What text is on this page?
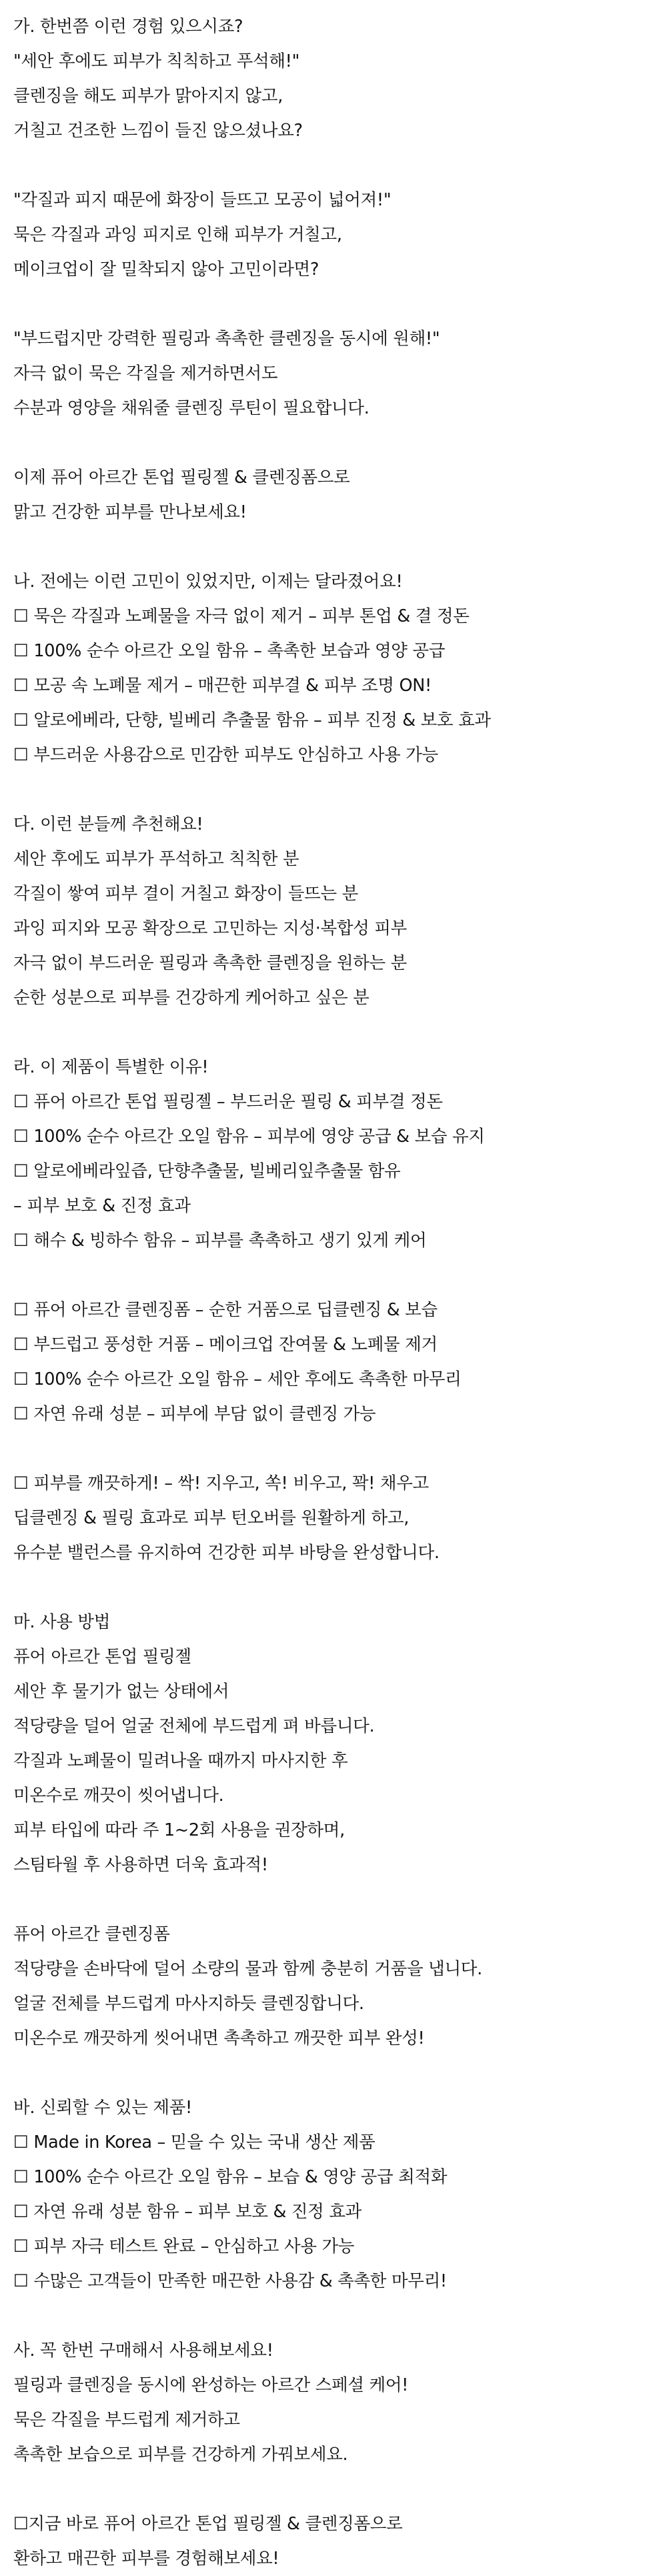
가. 한번쯤 이런 경험 있으시죠?
"세안 후에도 피부가 칙칙하고 푸석해!"
클렌징을 해도 피부가 맑아지지 않고,
거칠고 건조한 느낌이 들진 않으셨나요?
"각질과 피지 때문에 화장이 들뜨고 모공이 넓어져!"
묵은 각질과 과잉 피지로 인해 피부가 거칠고,
메이크업이 잘 밀착되지 않아 고민이라면?
"부드럽지만 강력한 필링과 촉촉한 클렌징을 동시에 원해!"
자극 없이 묵은 각질을 제거하면서도
수분과 영양을 채워줄 클렌징 루틴이 필요합니다.
이제 퓨어 아르간 톤업 필링젤 & 클렌징폼으로
맑고 건강한 피부를 만나보세요!
나. 전에는 이런 고민이 있었지만, 이제는 달라졌어요!
☐ 묵은 각질과 노폐물을 자극 없이 제거 – 피부 톤업 & 결 정돈
☐ 100% 순수 아르간 오일 함유 – 촉촉한 보습과 영양 공급
☐ 모공 속 노폐물 제거 – 매끈한 피부결 & 피부 조명 ON!
☐ 알로에베라, 단향, 빌베리 추출물 함유 – 피부 진정 & 보호 효과
☐ 부드러운 사용감으로 민감한 피부도 안심하고 사용 가능
다. 이런 분들께 추천해요!
세안 후에도 피부가 푸석하고 칙칙한 분
각질이 쌓여 피부 결이 거칠고 화장이 들뜨는 분
과잉 피지와 모공 확장으로 고민하는 지성·복합성 피부
자극 없이 부드러운 필링과 촉촉한 클렌징을 원하는 분
순한 성분으로 피부를 건강하게 케어하고 싶은 분
라. 이 제품이 특별한 이유!
☐ 퓨어 아르간 톤업 필링젤 – 부드러운 필링 & 피부결 정돈
☐ 100% 순수 아르간 오일 함유 – 피부에 영양 공급 & 보습 유지
☐ 알로에베라잎즙, 단향추출물, 빌베리잎추출물 함유
– 피부 보호 & 진정 효과
☐ 해수 & 빙하수 함유 – 피부를 촉촉하고 생기 있게 케어
☐ 퓨어 아르간 클렌징폼 – 순한 거품으로 딥클렌징 & 보습
☐ 부드럽고 풍성한 거품 – 메이크업 잔여물 & 노폐물 제거
☐ 100% 순수 아르간 오일 함유 – 세안 후에도 촉촉한 마무리
☐ 자연 유래 성분 – 피부에 부담 없이 클렌징 가능
☐ 피부를 깨끗하게! – 싹! 지우고, 쏙! 비우고, 꽉! 채우고
딥클렌징 & 필링 효과로 피부 턴오버를 원활하게 하고,
유수분 밸런스를 유지하여 건강한 피부 바탕을 완성합니다.
마. 사용 방법
퓨어 아르간 톤업 필링젤
세안 후 물기가 없는 상태에서
적당량을 덜어 얼굴 전체에 부드럽게 펴 바릅니다.
각질과 노폐물이 밀려나올 때까지 마사지한 후
미온수로 깨끗이 씻어냅니다.
피부 타입에 따라 주 1~2회 사용을 권장하며,
스팀타월 후 사용하면 더욱 효과적!
퓨어 아르간 클렌징폼
적당량을 손바닥에 덜어 소량의 물과 함께 충분히 거품을 냅니다.
얼굴 전체를 부드럽게 마사지하듯 클렌징합니다.
미온수로 깨끗하게 씻어내면 촉촉하고 깨끗한 피부 완성!
바. 신뢰할 수 있는 제품!
☐ Made in Korea – 믿을 수 있는 국내 생산 제품
☐ 100% 순수 아르간 오일 함유 – 보습 & 영양 공급 최적화
☐ 자연 유래 성분 함유 – 피부 보호 & 진정 효과
☐ 피부 자극 테스트 완료 – 안심하고 사용 가능
☐ 수많은 고객들이 만족한 매끈한 사용감 & 촉촉한 마무리!
사. 꼭 한번 구매해서 사용해보세요!
필링과 클렌징을 동시에 완성하는 아르간 스페셜 케어!
묵은 각질을 부드럽게 제거하고
촉촉한 보습으로 피부를 건강하게 가꿔보세요.
☐지금 바로 퓨어 아르간 톤업 필링젤 & 클렌징폼으로
환하고 매끈한 피부를 경험해보세요!
